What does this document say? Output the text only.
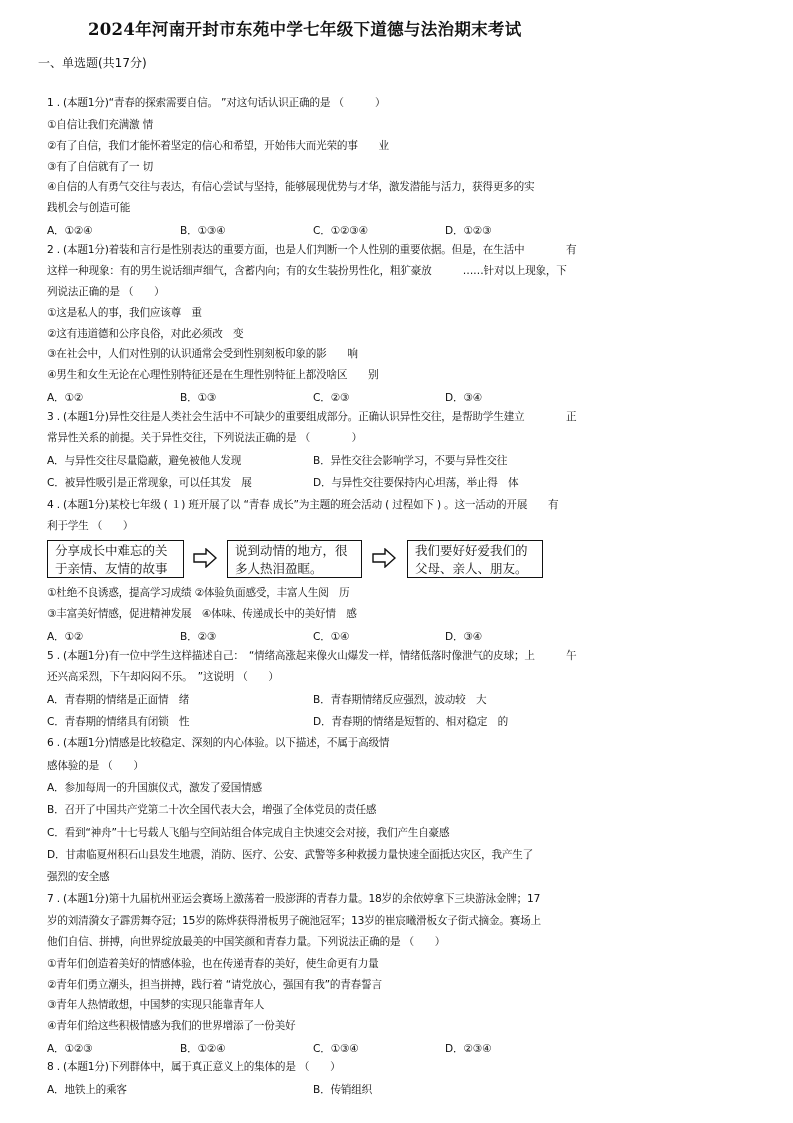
2024年河南开封市东苑中学七年级下道德与法治期末考试
一、单选题(共17分)
1 . (本题1分)“青春的探索需要自信。 ”对这句话认识正确的是 （　　　）
①自信让我们充满激 情
②有了自信，我们才能怀着坚定的信心和希望，开始伟大而光荣的事　　业
③有了自信就有了一 切
④自信的人有勇气交往与表达，有信心尝试与坚持，能够展现优势与才华，激发潜能与活力，获得更多的实
践机会与创造可能
A．①②④	B．①③④	C．①②③④	D．①②③
2 . (本题1分)着装和言行是性别表达的重要方面，也是人们判断一个人性别的重要依据。但是，在生活中　　　　有
这样一种现象：有的男生说话细声细气，含蓄内向；有的女生装扮男性化，粗犷豪放　　　……针对以上现象，下
列说法正确的是 （　　）
①这是私人的事，我们应该尊　重
②这有违道德和公序良俗，对此必须改　变
③在社会中，人们对性别的认识通常会受到性别刻板印象的影　　响
④男生和女生无论在心理性别特征还是在生理性别特征上都没啥区　　别
A．①②	B．①③	C．②③	D．③④
3 . (本题1分)异性交往是人类社会生活中不可缺少的重要组成部分。正确认识异性交往，是帮助学生建立　　　　正
常异性关系的前提。关于异性交往，下列说法正确的是 （　　　　）
A．与异性交往尽量隐蔽，避免被他人发现	B．异性交往会影响学习，不要与异性交往
C．被异性吸引是正常现象，可以任其发　展	D．与异性交往要保持内心坦荡，举止得　体
4 . (本题1分)某校七年级 ( １) 班开展了以 “青春 成长”为主题的班会活动 ( 过程如下 ) 。这一活动的开展　　有
利于学生 （　　）
分享成长中难忘的关
于亲情、友情的故事
说到动情的地方，很
多人热泪盈眶。
我们要好好爱我们的
父母、亲人、朋友。
①杜绝不良诱惑，提高学习成绩 ②体验负面感受，丰富人生阅　历
③丰富美好情感，促进精神发展　④体味、传递成长中的美好情　感
A．①②	B．②③	C．①④	D．③④
5 . (本题1分)有一位中学生这样描述自己：　“情绪高涨起来像火山爆发一样，情绪低落时像泄气的皮球；上　　　午
还兴高采烈，下午却闷闷不乐。　”这说明 （　　）
A．青春期的情绪是正面情　绪	B．青春期情绪反应强烈，波动较　大
C．青春期的情绪具有闭锁　性	D．青春期的情绪是短暂的、相对稳定　的
6 . (本题1分)情感是比较稳定、深刻的内心体验。以下描述，不属于高级情
感体验的是 （　　）
A．参加每周一的升国旗仪式，激发了爱国情感
B．召开了中国共产党第二十次全国代表大会，增强了全体党员的责任感
C．看到“神舟”十七号载人飞船与空间站组合体完成自主快速交会对接，我们产生自豪感
D．甘肃临夏州积石山县发生地震，消防、医疗、公安、武警等多种救援力量快速全面抵达灾区，我产生了
强烈的安全感
7 . (本题1分)第十九届杭州亚运会赛场上激荡着一股澎湃的青春力量。18岁的余依婷拿下三块游泳金牌；17
岁的刘清漪女子霹雳舞夺冠；15岁的陈烨获得滑板男子碗池冠军；13岁的崔宸曦滑板女子街式摘金。赛场上
他们自信、拼搏，向世界绽放最美的中国笑颜和青春力量。下列说法正确的是 （　　）
①青年们创造着美好的情感体验，也在传递青春的美好，使生命更有力量
②青年们勇立潮头，担当拼搏，践行着 “请党放心，强国有我”的青春誓言
③青年人热情敢想，中国梦的实现只能靠青年人
④青年们给这些积极情感为我们的世界增添了一份美好
A．①②③	B．①②④	C．①③④	D．②③④
8 . (本题1分)下列群体中，属于真正意义上的集体的是 （　　）
A．地铁上的乘客	B．传销组织
